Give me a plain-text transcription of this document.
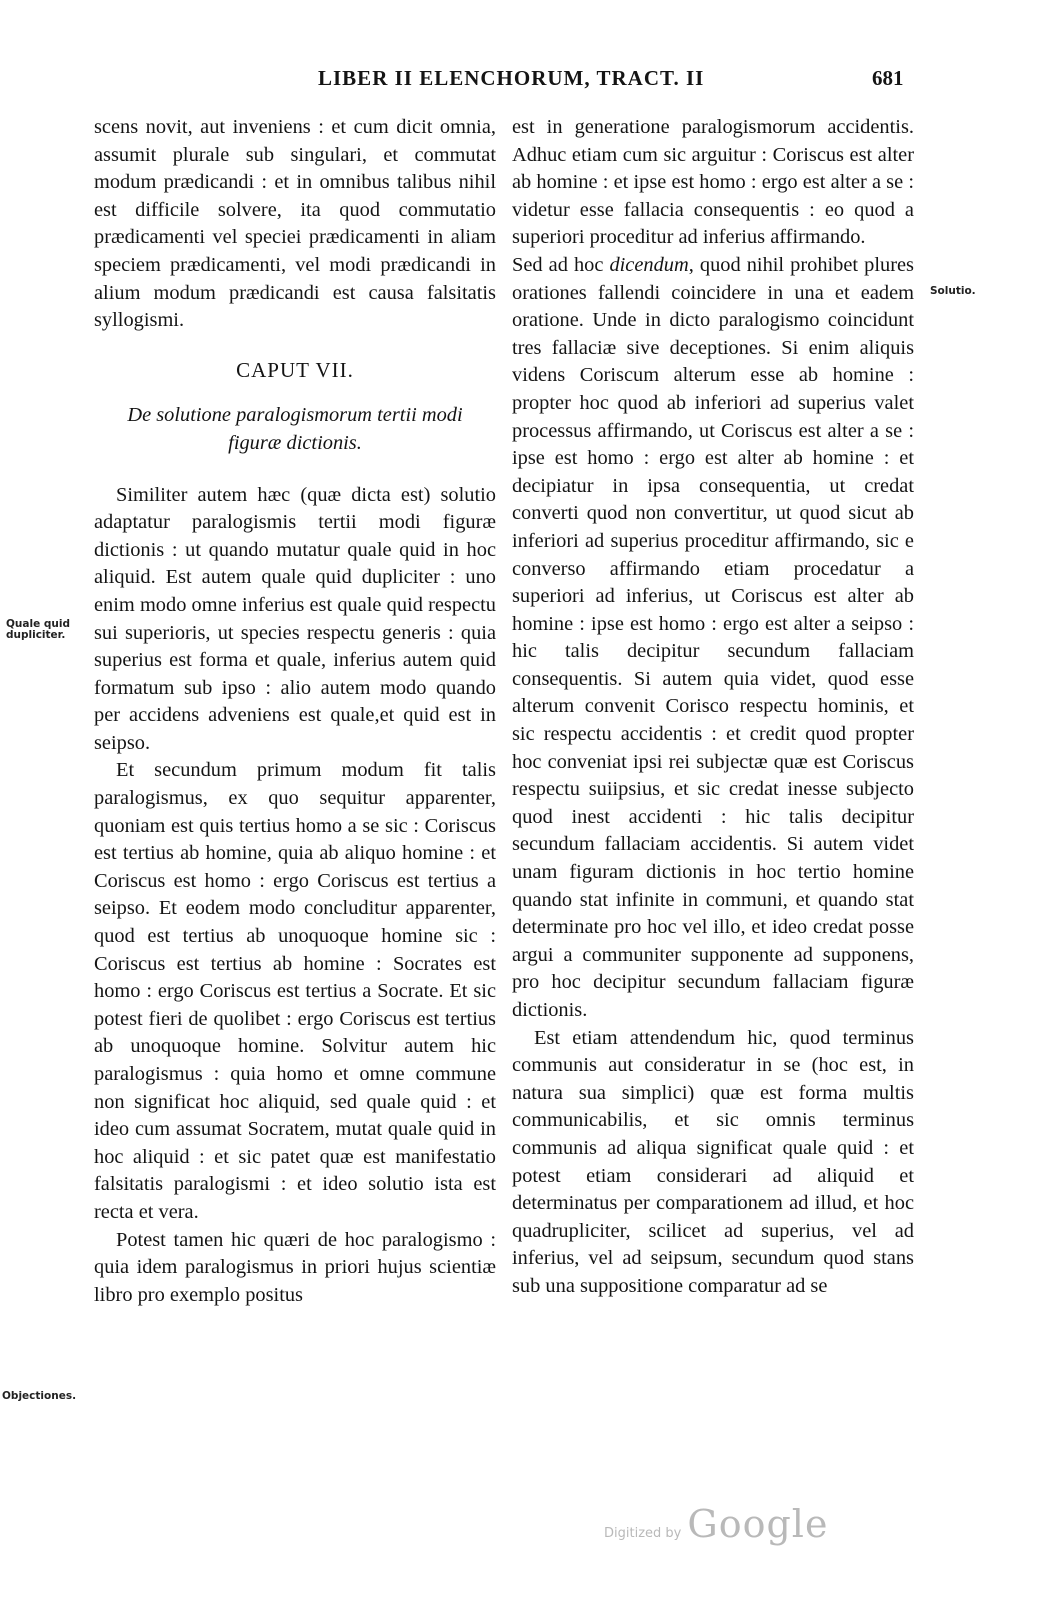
LIBER II ELENCHORUM, TRACT. II	681

scens novit, aut inveniens : et cum dicit omnia, assumit plurale sub singulari, et commutat modum prædicandi : et in omnibus talibus nihil est difficile solvere, ita quod commutatio prædicamenti vel speciei prædicamenti in aliam speciem prædicamenti, vel modi prædicandi in alium modum prædicandi est causa falsitatis syllogismi.

CAPUT VII.

De solutione paralogismorum tertii modi figuræ dictionis.

Similiter autem hæc (quæ dicta est) solutio adaptatur paralogismis tertii modi figuræ dictionis : ut quando mutatur quale quid in hoc aliquid. Est autem quale quid dupliciter : uno enim modo omne inferius est quale quid respectu sui superioris, ut species respectu generis : quia superius est forma et quale, inferius autem quid formatum sub ipso : alio autem modo quando per accidens adveniens est quale,et quid est in seipso.

Et secundum primum modum fit talis paralogismus, ex quo sequitur apparenter, quoniam est quis tertius homo a se sic : Coriscus est tertius ab homine, quia ab aliquo homine : et Coriscus est homo : ergo Coriscus est tertius a seipso. Et eodem modo concluditur apparenter, quod est tertius ab unoquoque homine sic : Coriscus est tertius ab homine : Socrates est homo : ergo Coriscus est tertius a Socrate. Et sic potest fieri de quolibet : ergo Coriscus est tertius ab unoquoque homine. Solvitur autem hic paralogismus : quia homo et omne commune non significat hoc aliquid, sed quale quid : et ideo cum assumat Socratem, mutat quale quid in hoc aliquid : et sic patet quæ est manifestatio falsitatis paralogismi : et ideo solutio ista est recta et vera.

Potest tamen hic quæri de hoc paralogismo : quia idem paralogismus in priori hujus scientiæ libro pro exemplo positus

est in generatione paralogismorum accidentis. Adhuc etiam cum sic arguitur : Coriscus est alter ab homine : et ipse est homo : ergo est alter a se : videtur esse fallacia consequentis : eo quod a superiori proceditur ad inferius affirmando.

Sed ad hoc dicendum, quod nihil prohibet plures orationes fallendi coincidere in una et eadem oratione. Unde in dicto paralogismo coincidunt tres fallaciæ sive deceptiones. Si enim aliquis videns Coriscum alterum esse ab homine : propter hoc quod ab inferiori ad superius valet processus affirmando, ut Coriscus est alter a se : ipse est homo : ergo est alter ab homine : et decipiatur in ipsa consequentia, ut credat converti quod non convertitur, ut quod sicut ab inferiori ad superius proceditur affirmando, sic e converso affirmando etiam procedatur a superiori ad inferius, ut Coriscus est alter ab homine : ipse est homo : ergo est alter a seipso : hic talis decipitur secundum fallaciam consequentis. Si autem quia videt, quod esse alterum convenit Corisco respectu hominis, et sic respectu accidentis : et credit quod propter hoc conveniat ipsi rei subjectæ quæ est Coriscus respectu suiipsius, et sic credat inesse subjecto quod inest accidenti : hic talis decipitur secundum fallaciam accidentis. Si autem videt unam figuram dictionis in hoc tertio homine quando stat infinite in communi, et quando stat determinate pro hoc vel illo, et ideo credat posse argui a communiter supponente ad supponens, pro hoc decipitur secundum fallaciam figuræ dictionis.

Est etiam attendendum hic, quod terminus communis aut consideratur in se (hoc est, in natura sua simplici) quæ est forma multis communicabilis, et sic omnis terminus communis ad aliqua significat quale quid : et potest etiam considerari ad aliquid et determinatus per comparationem ad illud, et hoc quadrupliciter, scilicet ad superius, vel ad inferius, vel ad seipsum, secundum quod stans sub una suppositione comparatur ad se

Quale quid
dupliciter.
Solutio.
Objectiones.
Digitized by Google
